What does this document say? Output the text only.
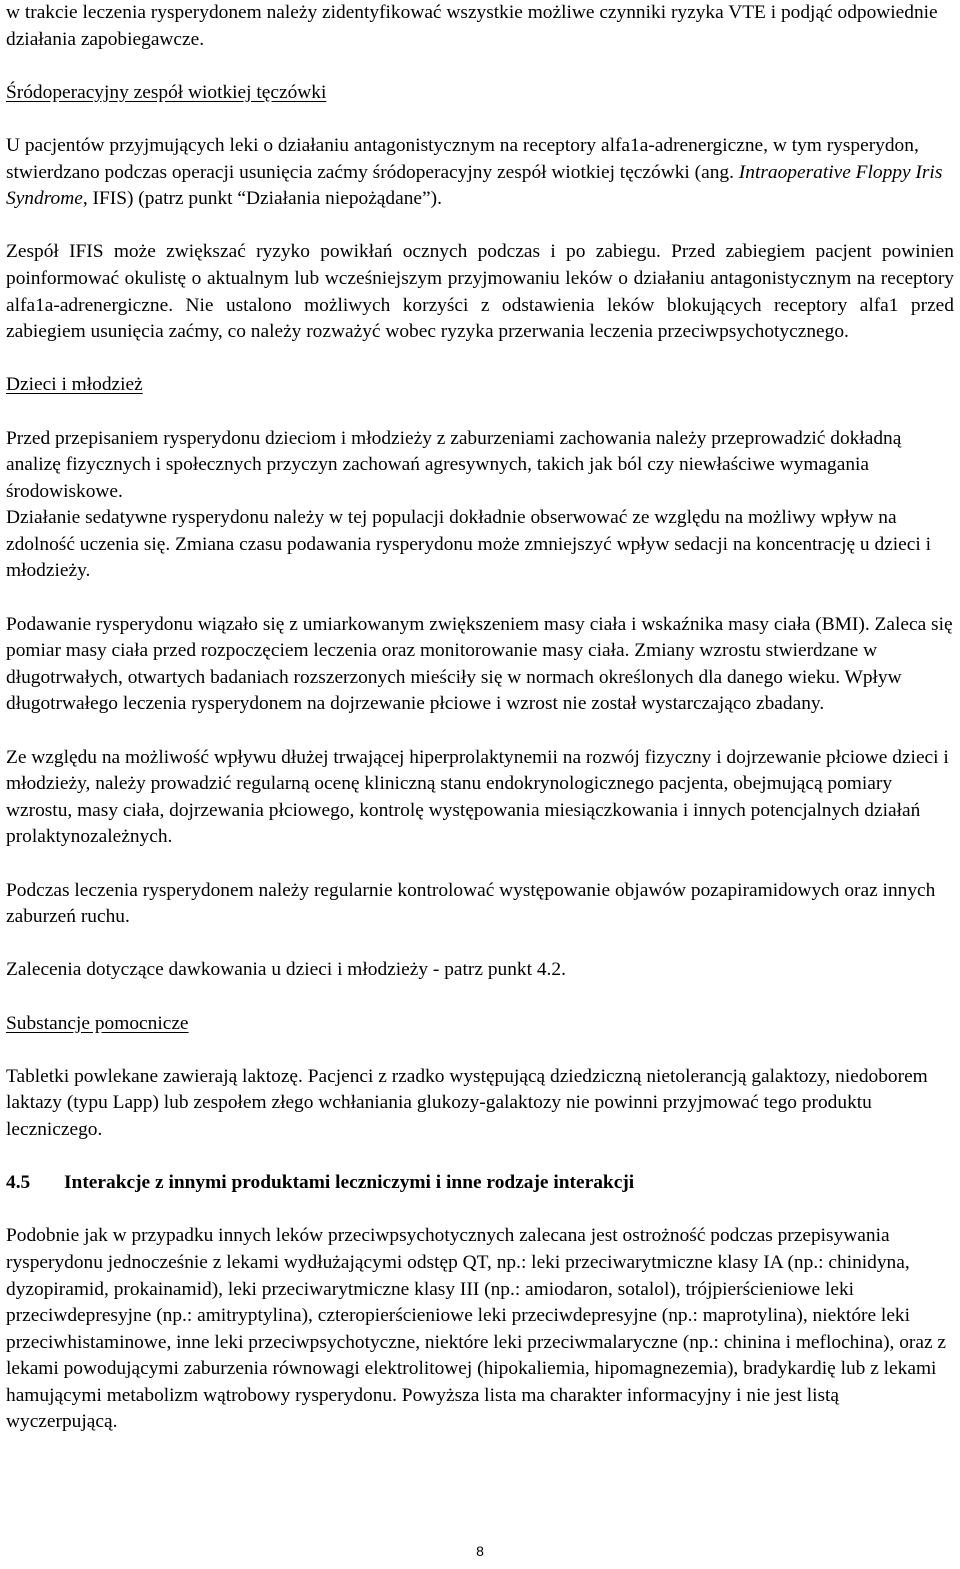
w trakcie leczenia rysperydonem należy zidentyfikować wszystkie możliwe czynniki ryzyka VTE i podjąć odpowiednie działania zapobiegawcze.

Śródoperacyjny zespół wiotkiej tęczówki

U pacjentów przyjmujących leki o działaniu antagonistycznym na receptory alfa1a-adrenergiczne, w tym rysperydon, stwierdzano podczas operacji usunięcia zaćmy śródoperacyjny zespół wiotkiej tęczówki (ang. Intraoperative Floppy Iris Syndrome, IFIS) (patrz punkt “Działania niepożądane”).

Zespół IFIS może zwiększać ryzyko powikłań ocznych podczas i po zabiegu. Przed zabiegiem pacjent powinien poinformować okulistę o aktualnym lub wcześniejszym przyjmowaniu leków o działaniu antagonistycznym na receptory alfa1a-adrenergiczne. Nie ustalono możliwych korzyści z odstawienia leków blokujących receptory alfa1 przed zabiegiem usunięcia zaćmy, co należy rozważyć wobec ryzyka przerwania leczenia przeciwpsychotycznego.

Dzieci i młodzież

Przed przepisaniem rysperydonu dzieciom i młodzieży z zaburzeniami zachowania należy przeprowadzić dokładną analizę fizycznych i społecznych przyczyn zachowań agresywnych, takich jak ból czy niewłaściwe wymagania środowiskowe.

Działanie sedatywne rysperydonu należy w tej populacji dokładnie obserwować ze względu na możliwy wpływ na zdolność uczenia się. Zmiana czasu podawania rysperydonu może zmniejszyć wpływ sedacji na koncentrację u dzieci i młodzieży.

Podawanie rysperydonu wiązało się z umiarkowanym zwiększeniem masy ciała i wskaźnika masy ciała (BMI). Zaleca się pomiar masy ciała przed rozpoczęciem leczenia oraz monitorowanie masy ciała. Zmiany wzrostu stwierdzane w długotrwałych, otwartych badaniach rozszerzonych mieściły się w normach określonych dla danego wieku. Wpływ długotrwałego leczenia rysperydonem na dojrzewanie płciowe i wzrost nie został wystarczająco zbadany.

Ze względu na możliwość wpływu dłużej trwającej hiperprolaktynemii na rozwój fizyczny i dojrzewanie płciowe dzieci i młodzieży, należy prowadzić regularną ocenę kliniczną stanu endokrynologicznego pacjenta, obejmującą pomiary wzrostu, masy ciała, dojrzewania płciowego, kontrolę występowania miesiączkowania i innych potencjalnych działań prolaktynozależnych.

Podczas leczenia rysperydonem należy regularnie kontrolować występowanie objawów pozapiramidowych oraz innych zaburzeń ruchu.

Zalecenia dotyczące dawkowania u dzieci i młodzieży - patrz punkt 4.2.

Substancje pomocnicze

Tabletki powlekane zawierają laktozę. Pacjenci z rzadko występującą dziedziczną nietolerancją galaktozy, niedoborem laktazy (typu Lapp) lub zespołem złego wchłaniania glukozy-galaktozy nie powinni przyjmować tego produktu leczniczego.

4.5 Interakcje z innymi produktami leczniczymi i inne rodzaje interakcji

Podobnie jak w przypadku innych leków przeciwpsychotycznych zalecana jest ostrożność podczas przepisywania rysperydonu jednocześnie z lekami wydłużającymi odstęp QT, np.: leki przeciwarytmiczne klasy IA (np.: chinidyna, dyzopiramid, prokainamid), leki przeciwarytmiczne klasy III (np.: amiodaron, sotalol), trójpierścieniowe leki przeciwdepresyjne (np.: amitryptylina), czteropierścieniowe leki przeciwdepresyjne (np.: maprotylina), niektóre leki przeciwhistaminowe, inne leki przeciwpsychotyczne, niektóre leki przeciwmalaryczne (np.: chinina i meflochina), oraz z lekami powodującymi zaburzenia równowagi elektrolitowej (hipokaliemia, hipomagnezemia), bradykardię lub z lekami hamującymi metabolizm wątrobowy rysperydonu. Powyższa lista ma charakter informacyjny i nie jest listą wyczerpującą.

8
